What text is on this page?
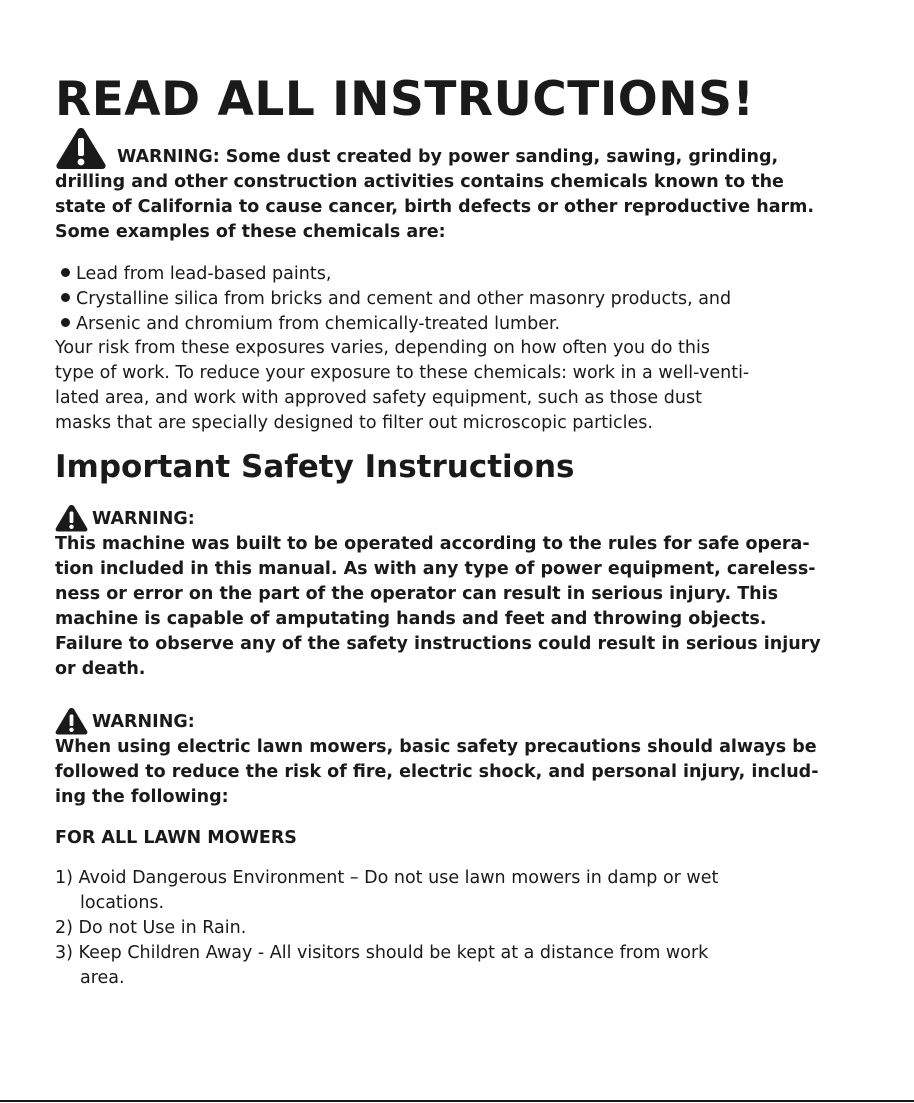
READ ALL INSTRUCTIONS!
WARNING: Some dust created by power sanding, sawing, grinding,
drilling and other construction activities contains chemicals known to the
state of California to cause cancer, birth defects or other reproductive harm.
Some examples of these chemicals are:
Lead from lead-based paints,
Crystalline silica from bricks and cement and other masonry products, and
Arsenic and chromium from chemically-treated lumber.
Your risk from these exposures varies, depending on how often you do this
type of work. To reduce your exposure to these chemicals: work in a well-venti-
lated area, and work with approved safety equipment, such as those dust
masks that are specially designed to filter out microscopic particles.
Important Safety Instructions
WARNING:
This machine was built to be operated according to the rules for safe opera-
tion included in this manual. As with any type of power equipment, careless-
ness or error on the part of the operator can result in serious injury. This
machine is capable of amputating hands and feet and throwing objects.
Failure to observe any of the safety instructions could result in serious injury
or death.
WARNING:
When using electric lawn mowers, basic safety precautions should always be
followed to reduce the risk of fire, electric shock, and personal injury, includ-
ing the following:
FOR ALL LAWN MOWERS
1) Avoid Dangerous Environment – Do not use lawn mowers in damp or wet
locations.
2) Do not Use in Rain.
3) Keep Children Away - All visitors should be kept at a distance from work
area.
